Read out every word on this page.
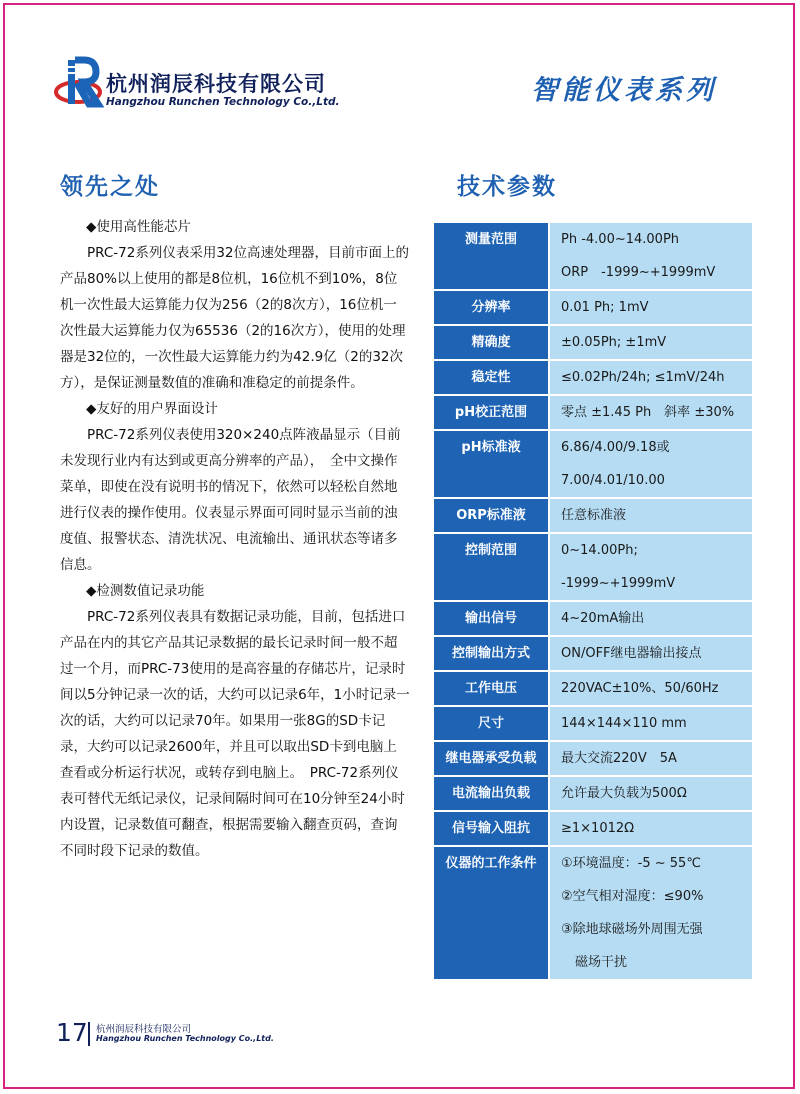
杭州润辰科技有限公司
Hangzhou Runchen Technology Co.,Ltd.	智能仪表系列
领先之处	技术参数

◆使用高性能芯片

PRC-72系列仪表采用32位高速处理器，目前市面上的产品80%以上使用的都是8位机，16位机不到10%，8位机一次性最大运算能力仅为256（2的8次方），16位机一次性最大运算能力仅为65536（2的16次方），使用的处理器是32位的，一次性最大运算能力约为42.9亿（2的32次方），是保证测量数值的准确和准稳定的前提条件。

◆友好的用户界面设计

PRC-72系列仪表使用320×240点阵液晶显示（目前未发现行业内有达到或更高分辨率的产品），　全中文操作菜单，即使在没有说明书的情况下，依然可以轻松自然地进行仪表的操作使用。仪表显示界面可同时显示当前的浊度值、报警状态、清洗状况、电流输出、通讯状态等诸多信息。

◆检测数值记录功能

PRC-72系列仪表具有数据记录功能，目前，包括进口产品在内的其它产品其记录数据的最长记录时间一般不超过一个月，而PRC-73使用的是高容量的存储芯片，记录时间以5分钟记录一次的话，大约可以记录6年，1小时记录一次的话，大约可以记录70年。如果用一张8G的SD卡记录，大约可以记录2600年，并且可以取出SD卡到电脑上查看或分析运行状况，或转存到电脑上。　PRC-72系列仪表可替代无纸记录仪，记录间隔时间可在10分钟至24小时内设置，记录数值可翻查，根据需要输入翻查页码，查询不同时段下记录的数值。

测量范围	Ph -4.00~14.00Ph
ORP　-1999~+1999mV

分辨率	0.01 Ph; 1mV

精确度	±0.05Ph; ±1mV

稳定性	≤0.02Ph/24h; ≤1mV/24h

pH校正范围	零点 ±1.45 Ph　斜率 ±30%

pH标准液	6.86/4.00/9.18或
7.00/4.01/10.00

ORP标准液	任意标准液

控制范围	0~14.00Ph;
-1999~+1999mV

输出信号	4~20mA输出

控制输出方式	ON/OFF继电器输出接点

工作电压	220VAC±10%、50/60Hz

尺寸	144×144×110 mm

继电器承受负载	最大交流220V　5A

电流输出负载	允许最大负载为500Ω

信号输入阻抗	≥1×1012Ω

仪器的工作条件	①环境温度：-5 ~ 55℃
②空气相对湿度：≤90%
③除地球磁场外周围无强
磁场干扰
17 杭州润辰科技有限公司
Hangzhou Runchen Technology Co.,Ltd.
